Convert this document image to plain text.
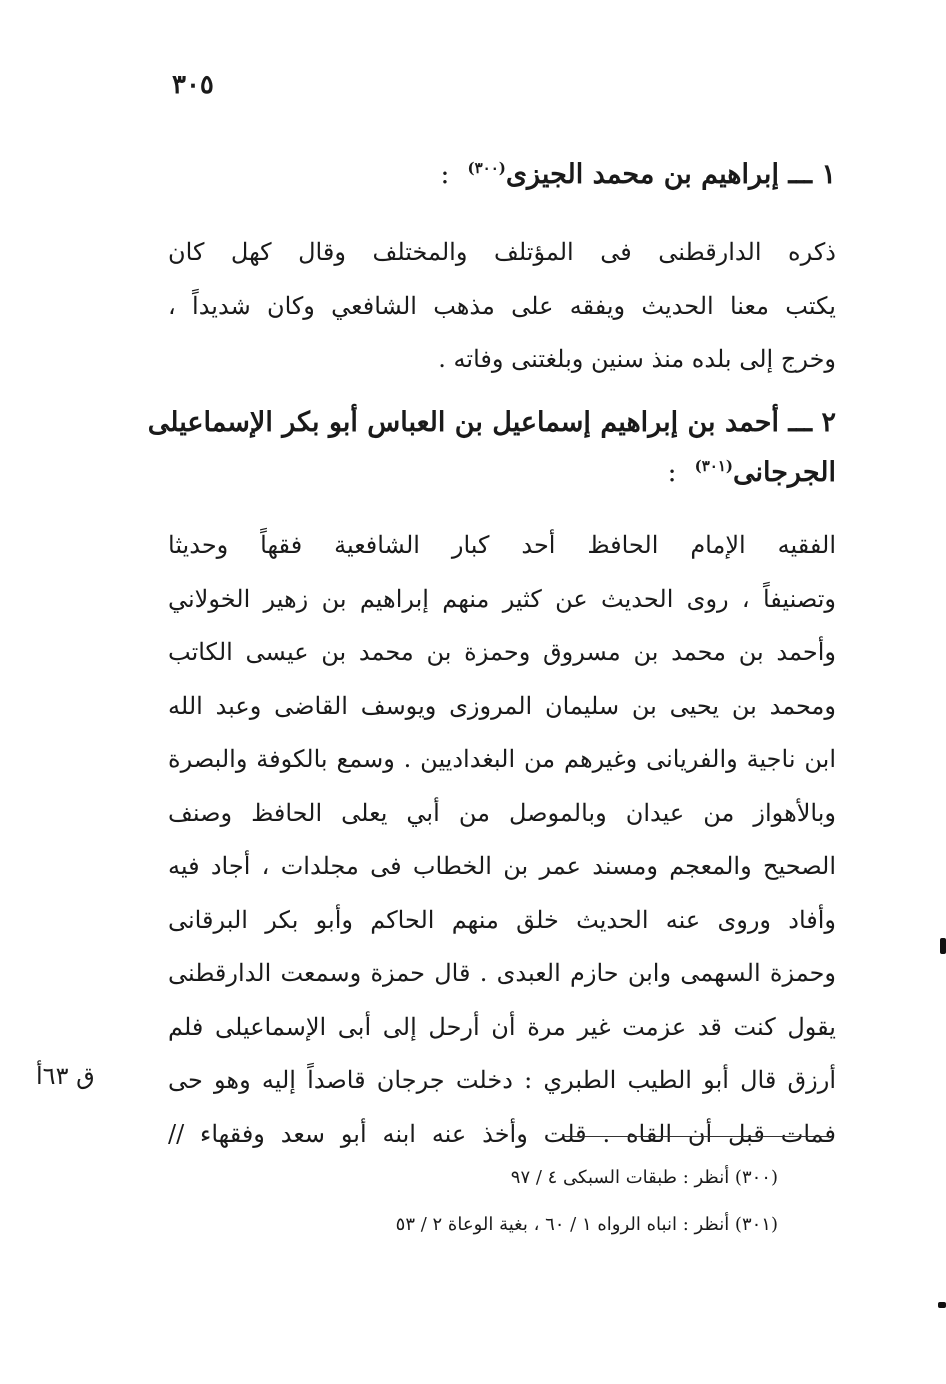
٣٠٥
١ ـــ إبراهيم بن محمد الجيزى$^{(٣٠٠)}$:
ذكره الدارقطنى فى المؤتلف والمختلف وقال كهل كان
يكتب معنا الحديث ويفقه على مذهب الشافعي وكان شديداً ،
وخرج إلى بلده منذ سنين وبلغتنى وفاته .
٢ ـــ أحمد بن إبراهيم إسماعيل بن العباس أبو بكر الإسماعيلى
الجرجانى$^{(٣٠١)}$:
الفقيه الإمام الحافظ أحد كبار الشافعية فقهاً وحديثا
وتصنيفاً ، روى الحديث عن كثير منهم إبراهيم بن زهير الخولاني
وأحمد بن محمد بن مسروق وحمزة بن محمد بن عيسى الكاتب
ومحمد بن يحيى بن سليمان المروزى ويوسف القاضى وعبد الله
ابن ناجية والفريانى وغيرهم من البغداديين . وسمع بالكوفة والبصرة
وبالأهواز من عيدان وبالموصل من أبي يعلى الحافظ وصنف
الصحيح والمعجم ومسند عمر بن الخطاب فى مجلدات ، أجاد فيه
وأفاد وروى عنه الحديث خلق منهم الحاكم وأبو بكر البرقانى
وحمزة السهمى وابن حازم العبدى . قال حمزة وسمعت الدارقطنى
يقول كنت قد عزمت غير مرة أن أرحل إلى أبى الإسماعيلى فلم
أرزق قال أبو الطيب الطبري : دخلت جرجان قاصداً إليه وهو حى
فمات قبل أن القاه . قلت وأخذ عنه ابنه أبو سعد وفقهاء //
ق ٦٣أ
(٣٠٠) أنظر : طبقات السبكى ٤ / ٩٧
(٣٠١) أنظر : انباه الرواه ١ / ٦٠ ، بغية الوعاة ٢ / ٥٣
